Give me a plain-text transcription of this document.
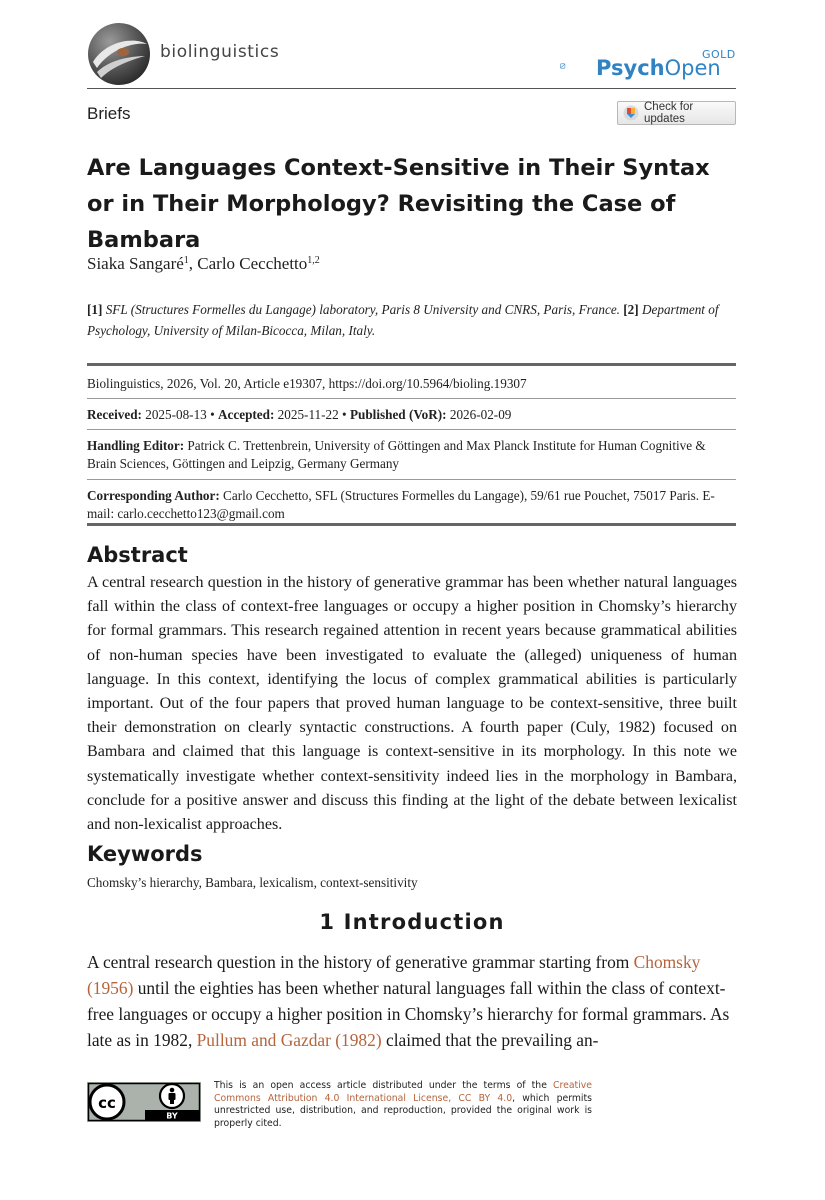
biolinguistics
PsychOpen
GOLD
Briefs	Check for updates
Are Languages Context-Sensitive in Their Syntax or in Their Morphology? Revisiting the Case of Bambara
Siaka Sangaré$^1$, Carlo Cecchetto$^{1,2}$
[1] SFL (Structures Formelles du Langage) laboratory, Paris 8 University and CNRS, Paris, France. [2] Department of Psychology, University of Milan-Bicocca, Milan, Italy.
Biolinguistics, 2026, Vol. 20, Article e19307, https://doi.org/10.5964/bioling.19307
Received: 2025-08-13 • Accepted: 2025-11-22 • Published (VoR): 2026-02-09
Handling Editor: Patrick C. Trettenbrein, University of Göttingen and Max Planck Institute for Human Cognitive & Brain Sciences, Göttingen and Leipzig, Germany Germany
Corresponding Author: Carlo Cecchetto, SFL (Structures Formelles du Langage), 59/61 rue Pouchet, 75017 Paris. E-mail: carlo.cecchetto123@gmail.com
Abstract
A central research question in the history of generative grammar has been whether natural languages fall within the class of context-free languages or occupy a higher position in Chomsky’s hierarchy for formal grammars. This research regained attention in recent years because grammatical abilities of non-human species have been investigated to evaluate the (alleged) uniqueness of human language. In this context, identifying the locus of complex grammatical abilities is particularly important. Out of the four papers that proved human language to be context-sensitive, three built their demonstration on clearly syntactic constructions. A fourth paper (Culy, 1982) focused on Bambara and claimed that this language is context-sensitive in its morphology. In this note we systematically investigate whether context-sensitivity indeed lies in the morphology in Bambara, conclude for a positive answer and discuss this finding at the light of the debate between lexicalist and non-lexicalist approaches.
Keywords
Chomsky’s hierarchy, Bambara, lexicalism, context-sensitivity
1 Introduction
A central research question in the history of generative grammar starting from Chomsky (1956) until the eighties has been whether natural languages fall within the class of context-free languages or occupy a higher position in Chomsky’s hierarchy for formal grammars. As late as in 1982, Pullum and Gazdar (1982) claimed that the prevailing an-
cc
BY
This is an open access article distributed under the terms of the Creative Commons Attribution 4.0 International License, CC BY 4.0, which permits unrestricted use, distribution, and reproduction, provided the original work is properly cited.
